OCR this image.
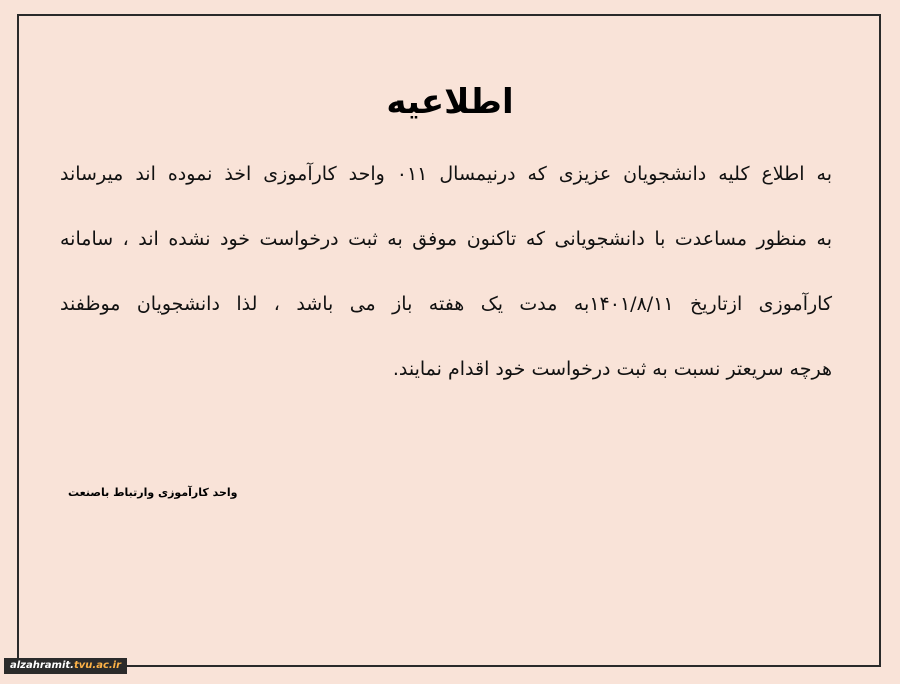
اطلاعیه
به اطلاع کلیه دانشجویان عزیزی که درنیمسال ۰۱۱ واحد کارآموزی اخذ نموده اند میرساند
به منظور مساعدت با دانشجویانی که تاکنون موفق به ثبت درخواست خود نشده اند ، سامانه
کارآموزی ازتاریخ ۱۴۰۱/۸/۱۱به مدت یک هفته باز می باشد ، لذا دانشجویان موظفند
هرچه سریعتر نسبت به ثبت درخواست خود اقدام نمایند.
واحد کارآموزی وارتباط باصنعت
alzahramit.tvu.ac.ir
